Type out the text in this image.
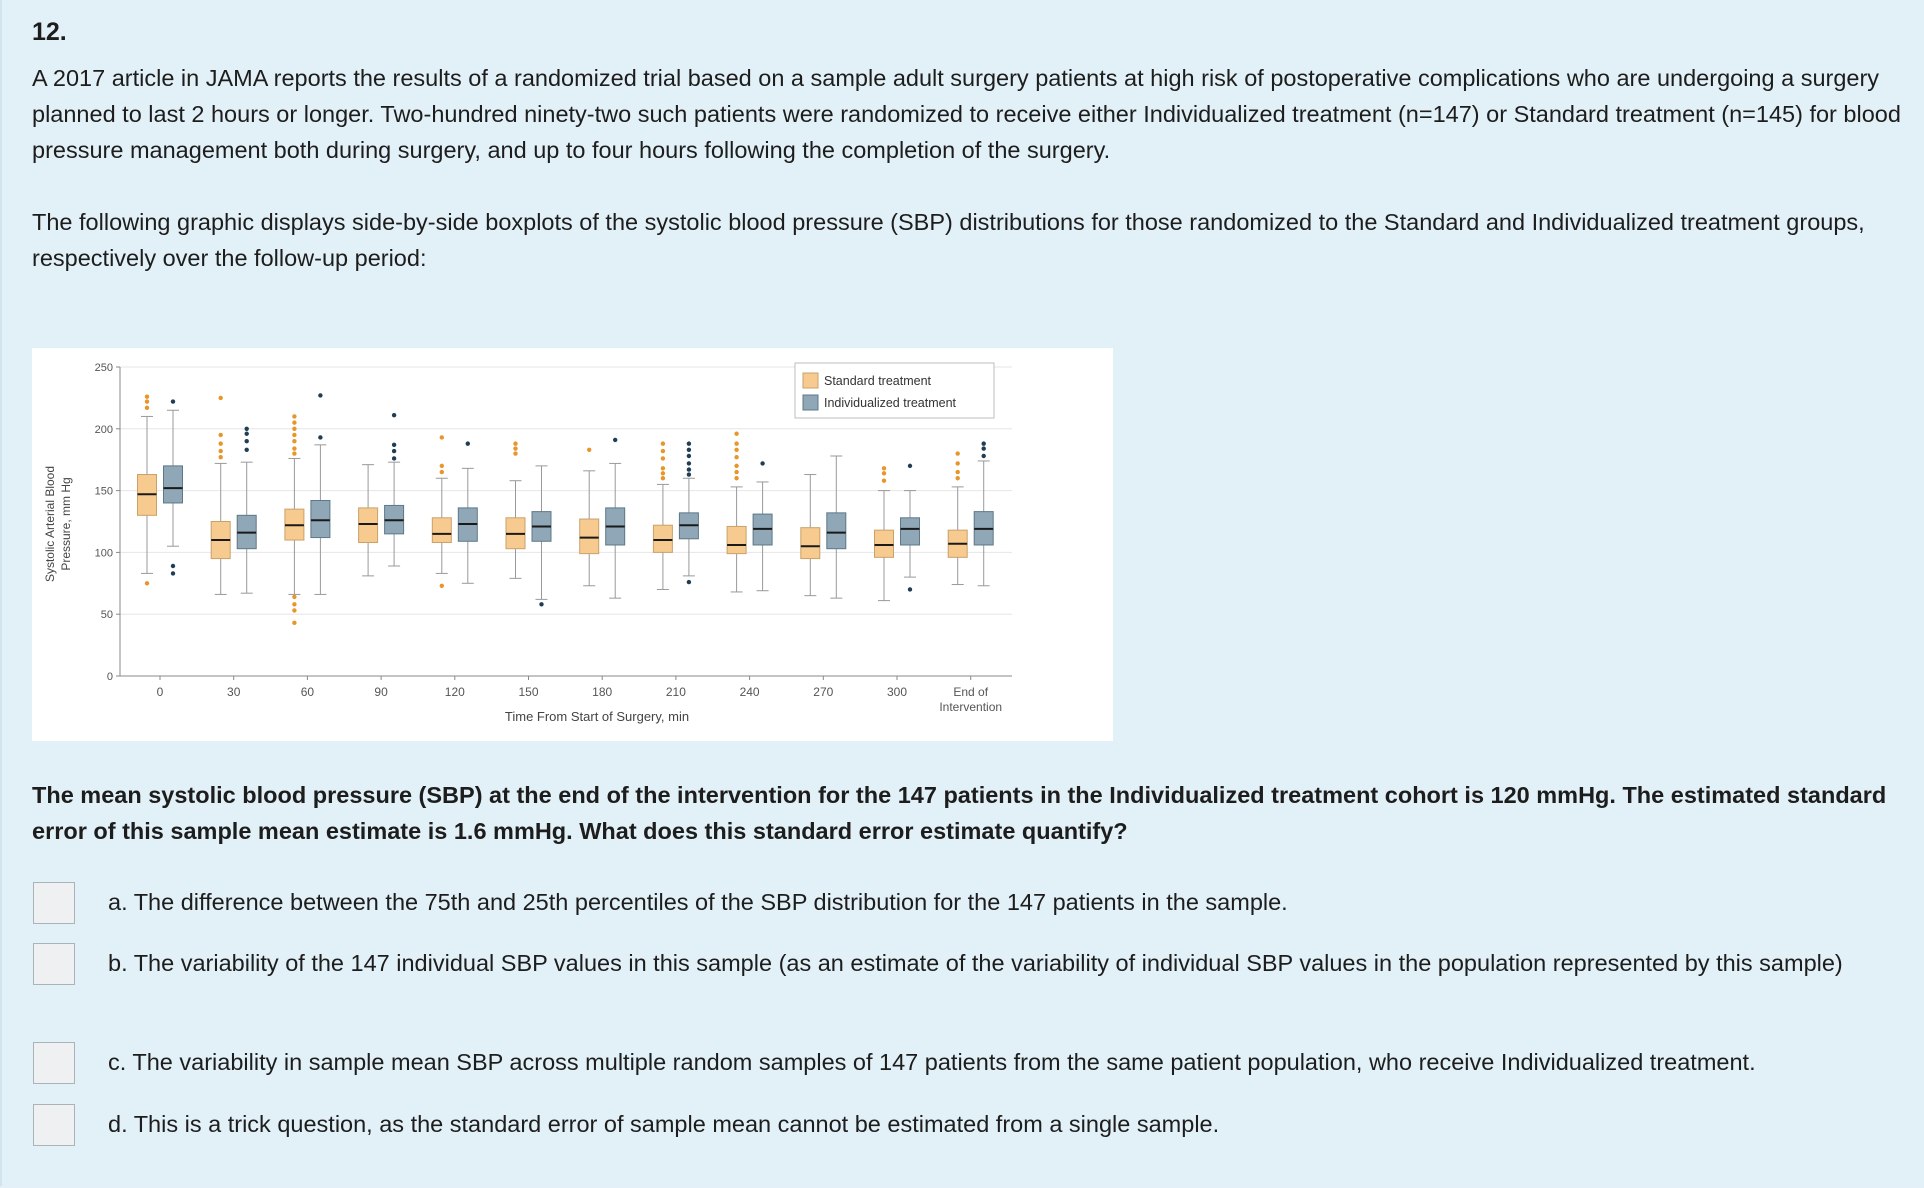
12.
A 2017 article in JAMA reports the results of a randomized trial based on a sample adult surgery patients at high risk of postoperative complications who are undergoing a surgery planned to last 2 hours or longer. Two-hundred ninety-two such patients were randomized to receive either Individualized treatment (n=147) or Standard treatment (n=145) for blood pressure management both during surgery, and up to four hours following the completion of the surgery.
The following graphic displays side-by-side boxplots of the systolic blood pressure (SBP) distributions for those randomized to the Standard and Individualized treatment groups, respectively over the follow-up period:
0
50
100
150
200
250
Systolic Arterial Blood Pressure, mm Hg
0	30	60	90	120	150	180	210	240	270	300	End of
Intervention
Time From Start of Surgery, min
Standard treatment
Individualized treatment
The mean systolic blood pressure (SBP) at the end of the intervention for the 147 patients in the Individualized treatment cohort is 120 mmHg. The estimated standard error of this sample mean estimate is 1.6 mmHg. What does this standard error estimate quantify?
a. The difference between the 75th and 25th percentiles of the SBP distribution for the 147 patients in the sample.
b. The variability of the 147 individual SBP values in this sample (as an estimate of the variability of individual SBP values in the population represented by this sample)
c. The variability in sample mean SBP across multiple random samples of 147 patients from the same patient population, who receive Individualized treatment.
d. This is a trick question, as the standard error of sample mean cannot be estimated from a single sample.
